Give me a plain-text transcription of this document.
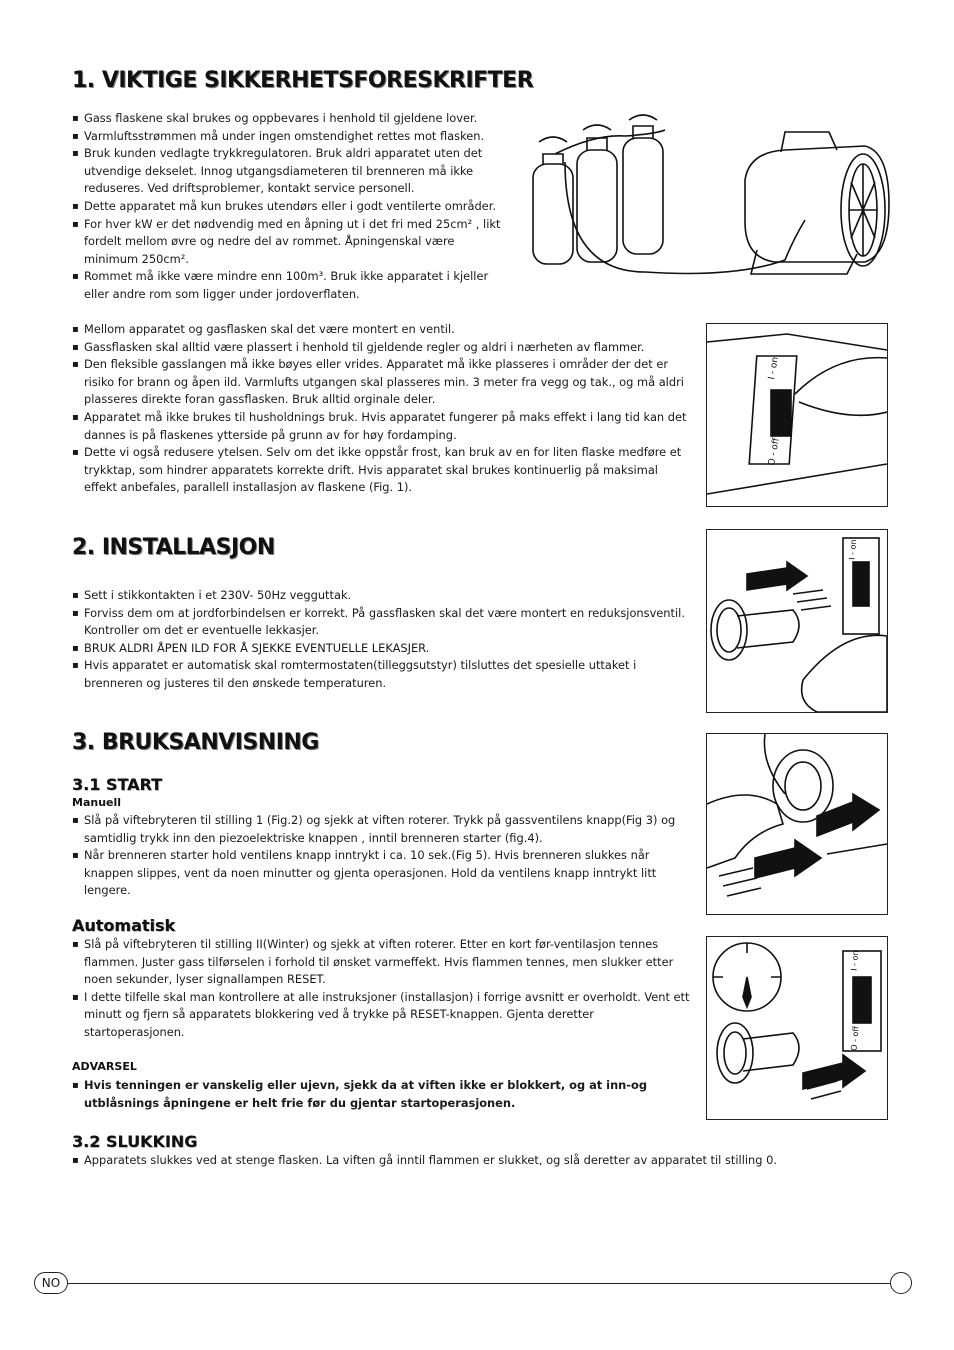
1. VIKTIGE SIKKERHETSFORESKRIFTER
▪ Gass flaskene skal brukes og oppbevares i henhold til gjeldene lover.
▪ Varmluftsstrømmen må under ingen omstendighet rettes mot flasken.
▪ Bruk kunden vedlagte trykkregulatoren. Bruk aldri apparatet uten det utvendige dekselet. Innog utgangsdiameteren til brenneren må ikke reduseres. Ved driftsproblemer, kontakt service personell.
▪ Dette apparatet må kun brukes utendørs eller i godt ventilerte områder.
▪ For hver kW er det nødvendig med en åpning ut i det fri med 25cm² , likt fordelt mellom øvre og nedre del av rommet. Åpningenskal være minimum 250cm².
▪ Rommet må ikke være mindre enn 100m³. Bruk ikke apparatet i kjeller eller andre rom som ligger under jordoverflaten.
▪ Mellom apparatet og gasflasken skal det være montert en ventil.
▪ Gassflasken skal alltid være plassert i henhold til gjeldende regler og aldri i nærheten av flammer.
▪ Den fleksible gasslangen må ikke bøyes eller vrides. Apparatet må ikke plasseres i områder der det er risiko for brann og åpen ild. Varmlufts utgangen skal plasseres min. 3 meter fra vegg og tak., og må aldri plasseres direkte foran gassflasken. Bruk alltid orginale deler.
▪ Apparatet må ikke brukes til husholdnings bruk. Hvis apparatet fungerer på maks effekt i lang tid kan det dannes is på flaskenes ytterside på grunn av for høy fordamping.
▪ Dette vi også redusere ytelsen. Selv om det ikke oppstår frost, kan bruk av en for liten flaske medføre et trykktap, som hindrer apparatets korrekte drift. Hvis apparatet skal brukes kontinuerlig på maksimal effekt anbefales, parallell installasjon av flaskene (Fig. 1).
I - on
O - off
2. INSTALLASJON
▪ Sett i stikkontakten i et 230V- 50Hz vegguttak.
▪ Forviss dem om at jordforbindelsen er korrekt. På gassflasken skal det være montert en reduksjonsventil. Kontroller om det er eventuelle lekkasjer.
▪ BRUK ALDRI ÅPEN ILD FOR Å SJEKKE EVENTUELLE LEKASJER.
▪ Hvis apparatet er automatisk skal romtermostaten(tilleggsutstyr) tilsluttes det spesielle uttaket i brenneren og justeres til den ønskede temperaturen.
I - on
3. BRUKSANVISNING
3.1 START
Manuell
▪ Slå på viftebryteren til stilling 1 (Fig.2) og sjekk at viften roterer. Trykk på gassventilens knapp(Fig 3) og samtidlig trykk inn den piezoelektriske knappen , inntil brenneren starter (fig.4).
▪ Når brenneren starter hold ventilens knapp inntrykt i ca. 10 sek.(Fig 5). Hvis brenneren slukkes når knappen slippes, vent da noen minutter og gjenta operasjonen. Hold da ventilens knapp inntrykt litt lengere.
Automatisk
▪ Slå på viftebryteren til stilling II(Winter) og sjekk at viften roterer. Etter en kort før-ventilasjon tennes flammen. Juster gass tilførselen i forhold til ønsket varmeffekt. Hvis flammen tennes, men slukker etter noen sekunder, lyser signallampen RESET.
▪ I dette tilfelle skal man kontrollere at alle instruksjoner (installasjon) i forrige avsnitt er overholdt. Vent ett minutt og fjern så apparatets blokkering ved å trykke på RESET-knappen. Gjenta deretter startoperasjonen.
ADVARSEL
▪ Hvis tenningen er vanskelig eller ujevn, sjekk da at viften ikke er blokkert, og at inn-og utblåsnings åpningene er helt frie før du gjentar startoperasjonen.
3.2 SLUKKING
▪ Apparatets slukkes ved at stenge flasken. La viften gå inntil flammen er slukket, og slå deretter av apparatet til stilling 0.
I - on
O - off
NO
